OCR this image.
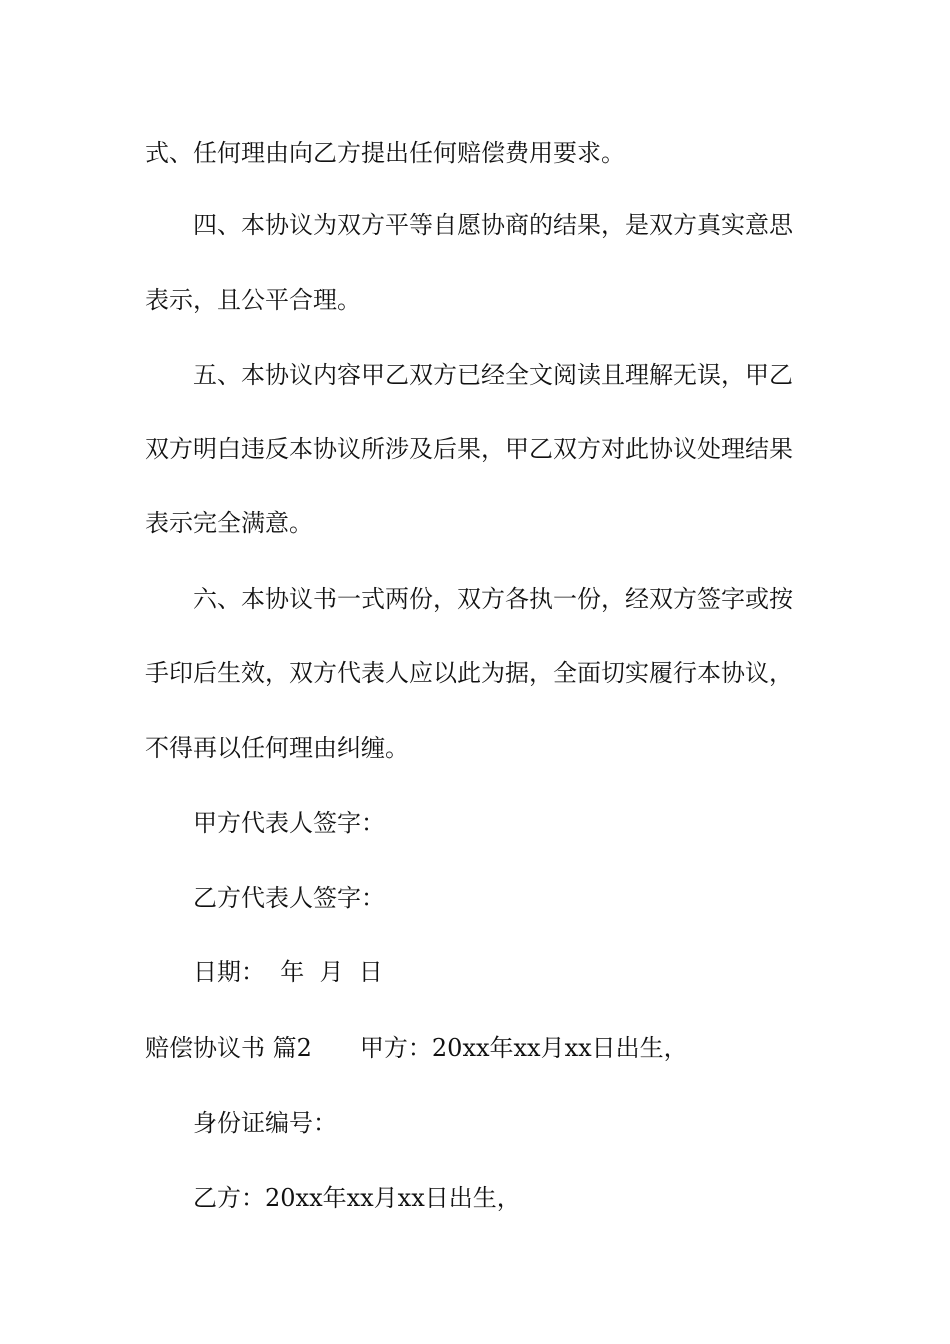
式、任何理由向乙方提出任何赔偿费用要求。

四、本协议为双方平等自愿协商的结果，是双方真实意思

表示，且公平合理。

五、本协议内容甲乙双方已经全文阅读且理解无误，甲乙

双方明白违反本协议所涉及后果，甲乙双方对此协议处理结果

表示完全满意。

六、本协议书一式两份，双方各执一份，经双方签字或按

手印后生效，双方代表人应以此为据，全面切实履行本协议，

不得再以任何理由纠缠。

甲方代表人签字：

乙方代表人签字：

日期：  年  月  日

赔偿协议书 篇2 甲方：20xx年xx月xx日出生，

身份证编号：

乙方：20xx年xx月xx日出生，
